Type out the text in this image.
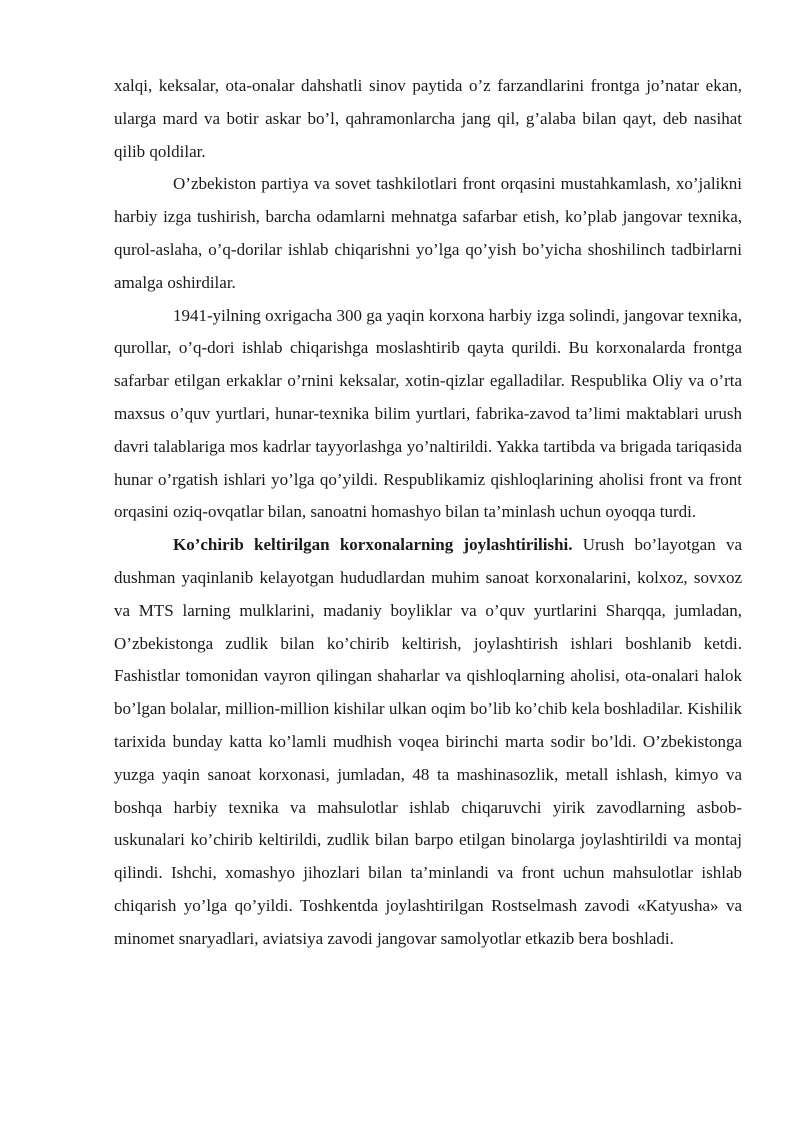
xalqi, keksalar, ota-onalar dahshatli sinov paytida o’z farzandlarini frontga jo’natar ekan, ularga mard va botir askar bo’l, qahramonlarcha jang qil, g’alaba bilan qayt, deb nasihat qilib qoldilar.

O’zbekiston partiya va sovet tashkilotlari front orqasini mustahkamlash, xo’jalikni harbiy izga tushirish, barcha odamlarni mehnatga safarbar etish, ko’plab jangovar texnika, qurol-aslaha, o’q-dorilar ishlab chiqarishni yo’lga qo’yish bo’yicha shoshilinch tadbirlarni amalga oshirdilar.

1941-yilning oxrigacha 300 ga yaqin korxona harbiy izga solindi, jangovar texnika, qurollar, o’q-dori ishlab chiqarishga moslashtirib qayta qurildi. Bu korxonalarda frontga safarbar etilgan erkaklar o’rnini keksalar, xotin-qizlar egalladilar. Respublika Oliy va o’rta maxsus o’quv yurtlari, hunar-texnika bilim yurtlari, fabrika-zavod ta’limi maktablari urush davri talablariga mos kadrlar tayyorlashga yo’naltirildi. Yakka tartibda va brigada tariqasida hunar o’rgatish ishlari yo’lga qo’yildi. Respublikamiz qishloqlarining aholisi front va front orqasini oziq-ovqatlar bilan, sanoatni homashyo bilan ta’minlash uchun oyoqqa turdi.

Ko’chirib keltirilgan korxonalarning joylashtirilishi. Urush bo’layotgan va dushman yaqinlanib kelayotgan hududlardan muhim sanoat korxonalarini, kolxoz, sovxoz va MTS larning mulklarini, madaniy boyliklar va o’quv yurtlarini Sharqqa, jumladan, O’zbekistonga zudlik bilan ko’chirib keltirish, joylashtirish ishlari boshlanib ketdi. Fashistlar tomonidan vayron qilingan shaharlar va qishloqlarning aholisi, ota-onalari halok bo’lgan bolalar, million-million kishilar ulkan oqim bo’lib ko’chib kela boshladilar. Kishilik tarixida bunday katta ko’lamli mudhish voqea birinchi marta sodir bo’ldi. O’zbekistonga yuzga yaqin sanoat korxonasi, jumladan, 48 ta mashinasozlik, metall ishlash, kimyo va boshqa harbiy texnika va mahsulotlar ishlab chiqaruvchi yirik zavodlarning asbob-uskunalari ko’chirib keltirildi, zudlik bilan barpo etilgan binolarga joylashtirildi va montaj qilindi. Ishchi, xomashyo jihozlari bilan ta’minlandi va front uchun mahsulotlar ishlab chiqarish yo’lga qo’yildi. Toshkentda joylashtirilgan Rostselmash zavodi «Katyusha» va minomet snaryadlari, aviatsiya zavodi jangovar samolyotlar etkazib bera boshladi.
